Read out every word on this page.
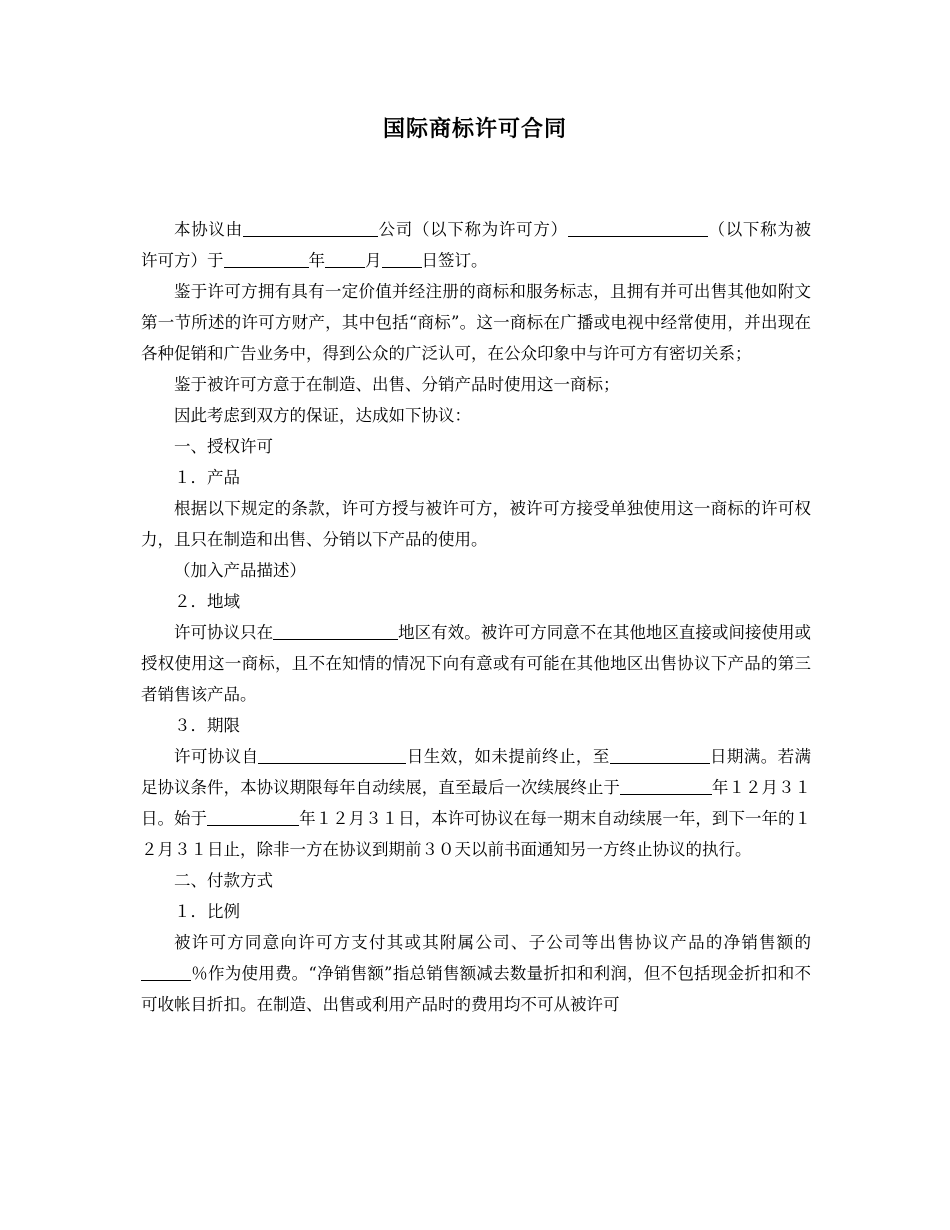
国际商标许可合同

本协议由	公司（以下称为许可方）	（以下称为被许可方）于	年 月 日签订。

鉴于许可方拥有具有一定价值并经注册的商标和服务标志，且拥有并可出售其他如附文第一节所述的许可方财产，其中包括“商标”。这一商标在广播或电视中经常使用，并出现在各种促销和广告业务中，得到公众的广泛认可，在公众印象中与许可方有密切关系；

鉴于被许可方意于在制造、出售、分销产品时使用这一商标；

因此考虑到双方的保证，达成如下协议：

一、授权许可

１．产品

根据以下规定的条款，许可方授与被许可方，被许可方接受单独使用这一商标的许可权力，且只在制造和出售、分销以下产品的使用。

（加入产品描述）

２．地域

许可协议只在	地区有效。被许可方同意不在其他地区直接或间接使用或授权使用这一商标，且不在知情的情况下向有意或有可能在其他地区出售协议下产品的第三者销售该产品。

３．期限

许可协议自	日生效，如未提前终止，至	日期满。若满足协议条件，本协议期限每年自动续展，直至最后一次续展终止于	年１２月３１日。始于	年１２月３１日，本许可协议在每一期末自动续展一年，到下一年的１２月３１日止，除非一方在协议到期前３０天以前书面通知另一方终止协议的执行。

二、付款方式

１．比例

被许可方同意向许可方支付其或其附属公司、子公司等出售协议产品的净销售额的％作为使用费。“净销售额”指总销售额减去数量折扣和利润，但不包括现金折扣和不可收帐目折扣。在制造、出售或利用产品时的费用均不可从被许可
